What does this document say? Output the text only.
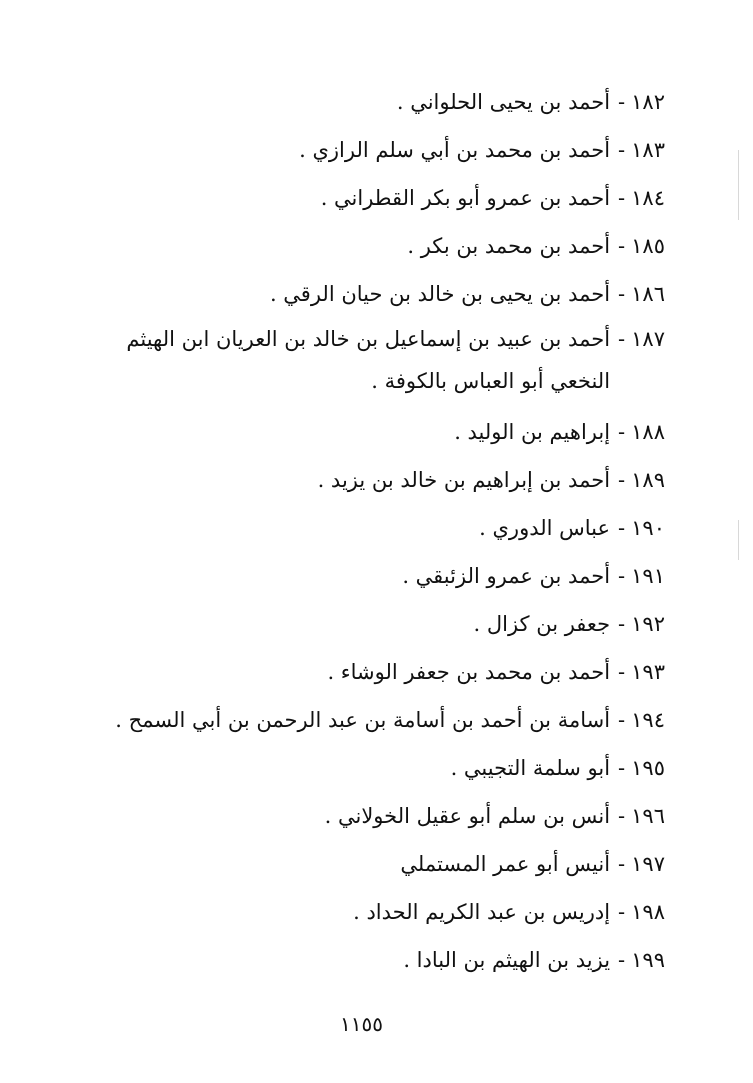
١٨٢
-
أحمد بن يحيى الحلواني .
١٨٣
-
أحمد بن محمد بن أبي سلم الرازي .
١٨٤
-
أحمد بن عمرو أبو بكر القطراني .
١٨٥
-
أحمد بن محمد بن بكر .
١٨٦
-
أحمد بن يحيى بن خالد بن حيان الرقي .
١٨٧
-
أحمد بن عبيد بن إسماعيل بن خالد بن العريان ابن الهيثم النخعي أبو العباس بالكوفة .
١٨٨
-
إبراهيم بن الوليد .
١٨٩
-
أحمد بن إبراهيم بن خالد بن يزيد .
١٩٠
-
عباس الدوري .
١٩١
-
أحمد بن عمرو الزئبقي .
١٩٢
-
جعفر بن كزال .
١٩٣
-
أحمد بن محمد بن جعفر الوشاء .
١٩٤
-
أسامة بن أحمد بن أسامة بن عبد الرحمن بن أبي السمح .
١٩٥
-
أبو سلمة التجيبي .
١٩٦
-
أنس بن سلم أبو عقيل الخولاني .
١٩٧
-
أنيس أبو عمر المستملي
١٩٨
-
إدريس بن عبد الكريم الحداد .
١٩٩
-
يزيد بن الهيثم بن البادا .
١١٥٥
